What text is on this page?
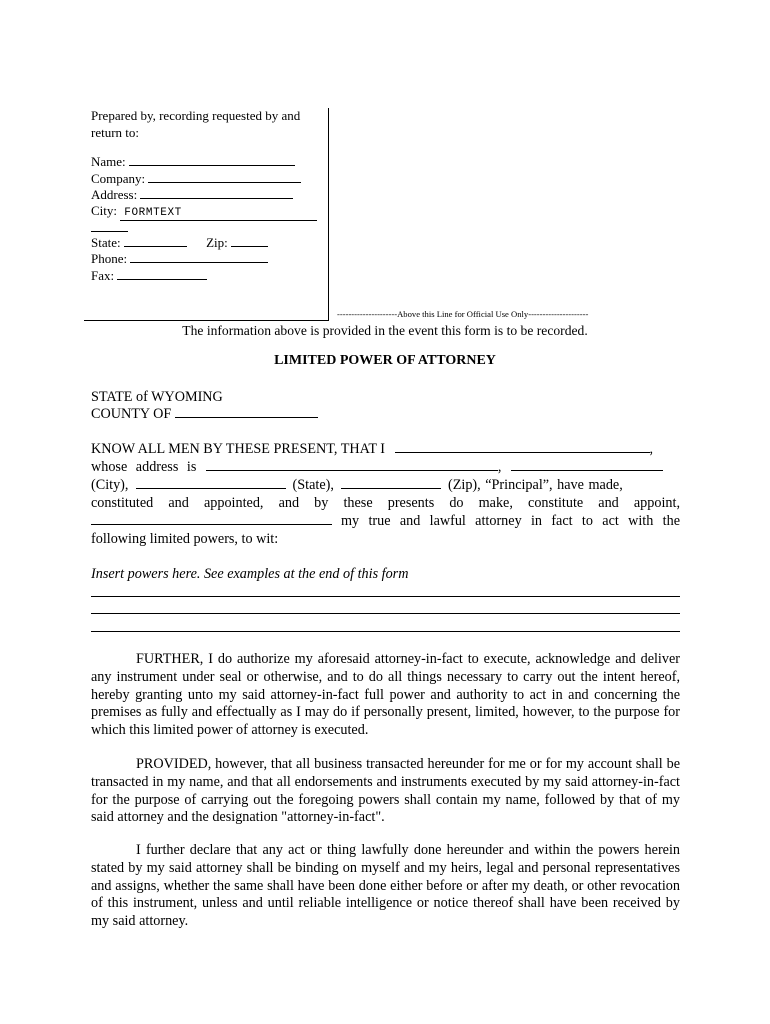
Prepared by, recording requested by and return to:
Name:
Company:
Address:
City: FORMTEXT
State:	Zip:
Phone:
Fax:
---------------------Above this Line for Official Use Only---------------------
The information above is provided in the event this form is to be recorded.
LIMITED POWER OF ATTORNEY
STATE of WYOMING
COUNTY OF
KNOW ALL MEN BY THESE PRESENT, THAT I	,
whose address is	,
(City),	(State),	(Zip), “Principal”, have made,
constituted and appointed, and by these presents do make, constitute and appoint,
my true and lawful attorney in fact to act with the
following limited powers, to wit:
Insert powers here. See examples at the end of this form

FURTHER, I do authorize my aforesaid attorney-in-fact to execute, acknowledge and deliver any instrument under seal or otherwise, and to do all things necessary to carry out the intent hereof, hereby granting unto my said attorney-in-fact full power and authority to act in and concerning the premises as fully and effectually as I may do if personally present, limited, however, to the purpose for which this limited power of attorney is executed.

PROVIDED, however, that all business transacted hereunder for me or for my account shall be transacted in my name, and that all endorsements and instruments executed by my said attorney-in-fact for the purpose of carrying out the foregoing powers shall contain my name, followed by that of my said attorney and the designation "attorney-in-fact".

I further declare that any act or thing lawfully done hereunder and within the powers herein stated by my said attorney shall be binding on myself and my heirs, legal and personal representatives and assigns, whether the same shall have been done either before or after my death, or other revocation of this instrument, unless and until reliable intelligence or notice thereof shall have been received by my said attorney.
